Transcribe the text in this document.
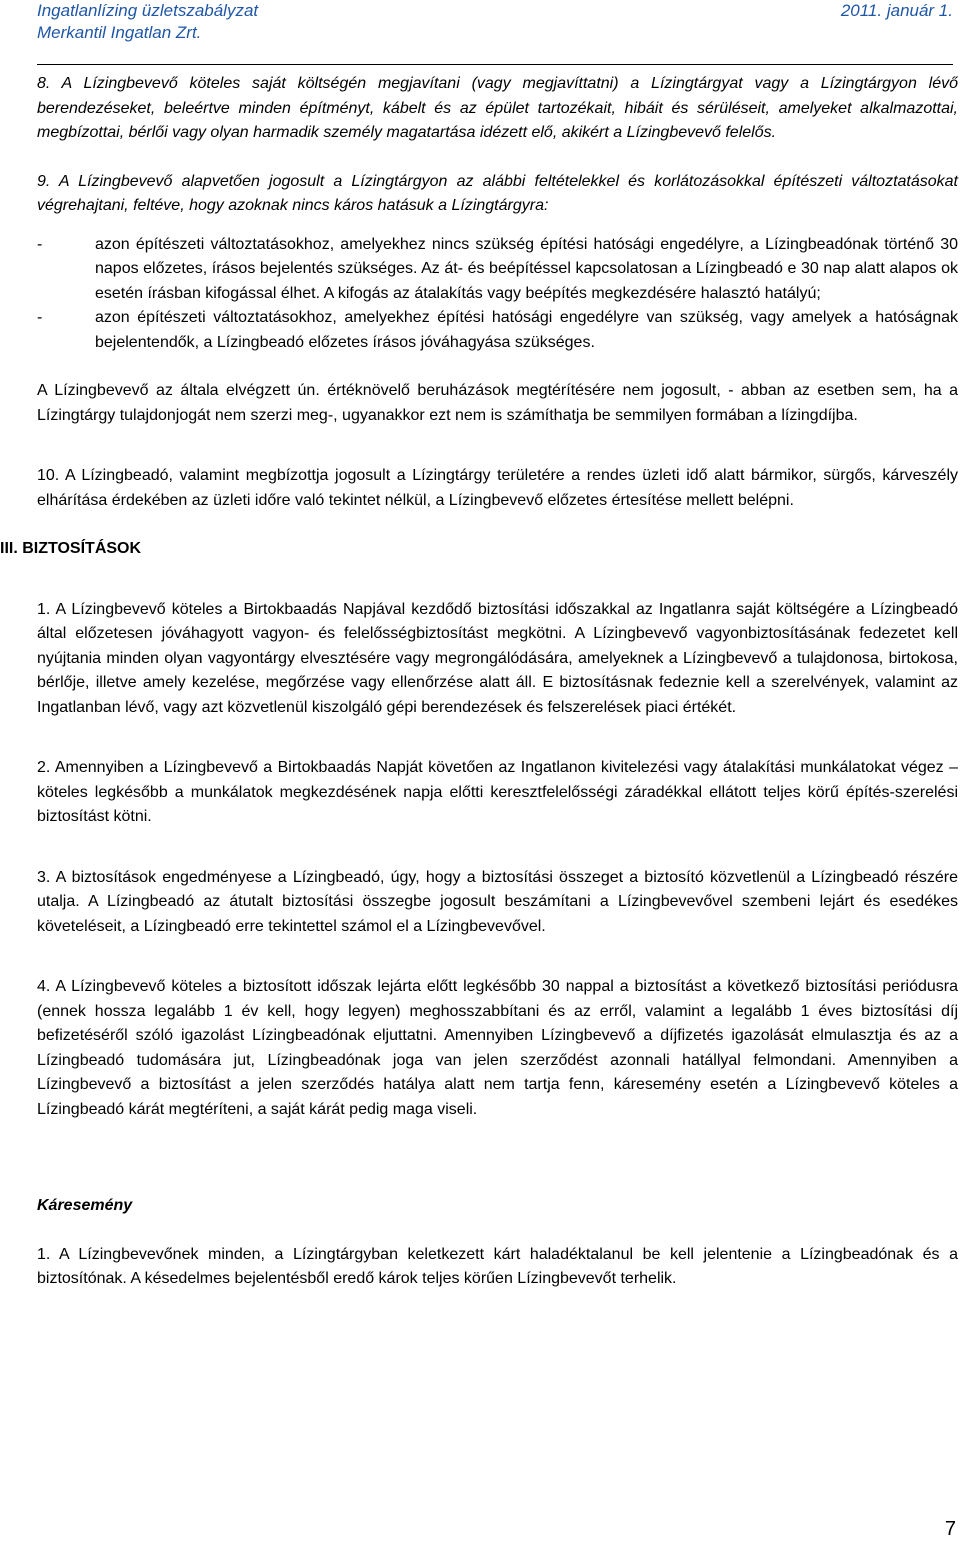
Ingatlanlízing üzletszabályzat	2011. január 1.
Merkantil Ingatlan Zrt.

8. A Lízingbevevő köteles saját költségén megjavítani (vagy megjavíttatni) a Lízingtárgyat vagy a Lízingtárgyon lévő berendezéseket, beleértve minden építményt, kábelt és az épület tartozékait, hibáit és sérüléseit, amelyeket alkalmazottai, megbízottai, bérlői vagy olyan harmadik személy magatartása idézett elő, akikért a Lízingbevevő felelős.

9. A Lízingbevevő alapvetően jogosult a Lízingtárgyon az alábbi feltételekkel és korlátozásokkal építészeti változtatásokat végrehajtani, feltéve, hogy azoknak nincs káros hatásuk a Lízingtárgyra:

-	azon építészeti változtatásokhoz, amelyekhez nincs szükség építési hatósági engedélyre, a Lízingbeadónak történő 30 napos előzetes, írásos bejelentés szükséges. Az át- és beépítéssel kapcsolatosan a Lízingbeadó e 30 nap alatt alapos ok esetén írásban kifogással élhet. A kifogás az átalakítás vagy beépítés megkezdésére halasztó hatályú;
-	azon építészeti változtatásokhoz, amelyekhez építési hatósági engedélyre van szükség, vagy amelyek a hatóságnak bejelentendők, a Lízingbeadó előzetes írásos jóváhagyása szükséges.

A Lízingbevevő az általa elvégzett ún. értéknövelő beruházások megtérítésére nem jogosult, - abban az esetben sem, ha a Lízingtárgy tulajdonjogát nem szerzi meg-, ugyanakkor ezt nem is számíthatja be semmilyen formában a lízingdíjba.

10. A Lízingbeadó, valamint megbízottja jogosult a Lízingtárgy területére a rendes üzleti idő alatt bármikor, sürgős, kárveszély elhárítása érdekében az üzleti időre való tekintet nélkül, a Lízingbevevő előzetes értesítése mellett belépni.

III. BIZTOSÍTÁSOK

1. A Lízingbevevő köteles a Birtokbaadás Napjával kezdődő biztosítási időszakkal az Ingatlanra saját költségére a Lízingbeadó által előzetesen jóváhagyott vagyon- és felelősségbiztosítást megkötni. A Lízingbevevő vagyonbiztosításának fedezetet kell nyújtania minden olyan vagyontárgy elvesztésére vagy megrongálódására, amelyeknek a Lízingbevevő a tulajdonosa, birtokosa, bérlője, illetve amely kezelése, megőrzése vagy ellenőrzése alatt áll. E biztosításnak fedeznie kell a szerelvények, valamint az Ingatlanban lévő, vagy azt közvetlenül kiszolgáló gépi berendezések és felszerelések piaci értékét.

2. Amennyiben a Lízingbevevő a Birtokbaadás Napját követően az Ingatlanon kivitelezési vagy átalakítási munkálatokat végez – köteles legkésőbb a munkálatok megkezdésének napja előtti keresztfelelősségi záradékkal ellátott teljes körű építés-szerelési biztosítást kötni.

3. A biztosítások engedményese a Lízingbeadó, úgy, hogy a biztosítási összeget a biztosító közvetlenül a Lízingbeadó részére utalja. A Lízingbeadó az átutalt biztosítási összegbe jogosult beszámítani a Lízingbevevővel szembeni lejárt és esedékes követeléseit, a Lízingbeadó erre tekintettel számol el a Lízingbevevővel.

4. A Lízingbevevő köteles a biztosított időszak lejárta előtt legkésőbb 30 nappal a biztosítást a következő biztosítási periódusra (ennek hossza legalább 1 év kell, hogy legyen) meghosszabbítani és az erről, valamint a legalább 1 éves biztosítási díj befizetéséről szóló igazolást Lízingbeadónak eljuttatni. Amennyiben Lízingbevevő a díjfizetés igazolását elmulasztja és az a Lízingbeadó tudomására jut, Lízingbeadónak joga van jelen szerződést azonnali hatállyal felmondani. Amennyiben a Lízingbevevő a biztosítást a jelen szerződés hatálya alatt nem tartja fenn, káresemény esetén a Lízingbevevő köteles a Lízingbeadó kárát megtéríteni, a saját kárát pedig maga viseli.

Káresemény

1. A Lízingbevevőnek minden, a Lízingtárgyban keletkezett kárt haladéktalanul be kell jelentenie a Lízingbeadónak és a biztosítónak. A késedelmes bejelentésből eredő károk teljes körűen Lízingbevevőt terhelik.

7
